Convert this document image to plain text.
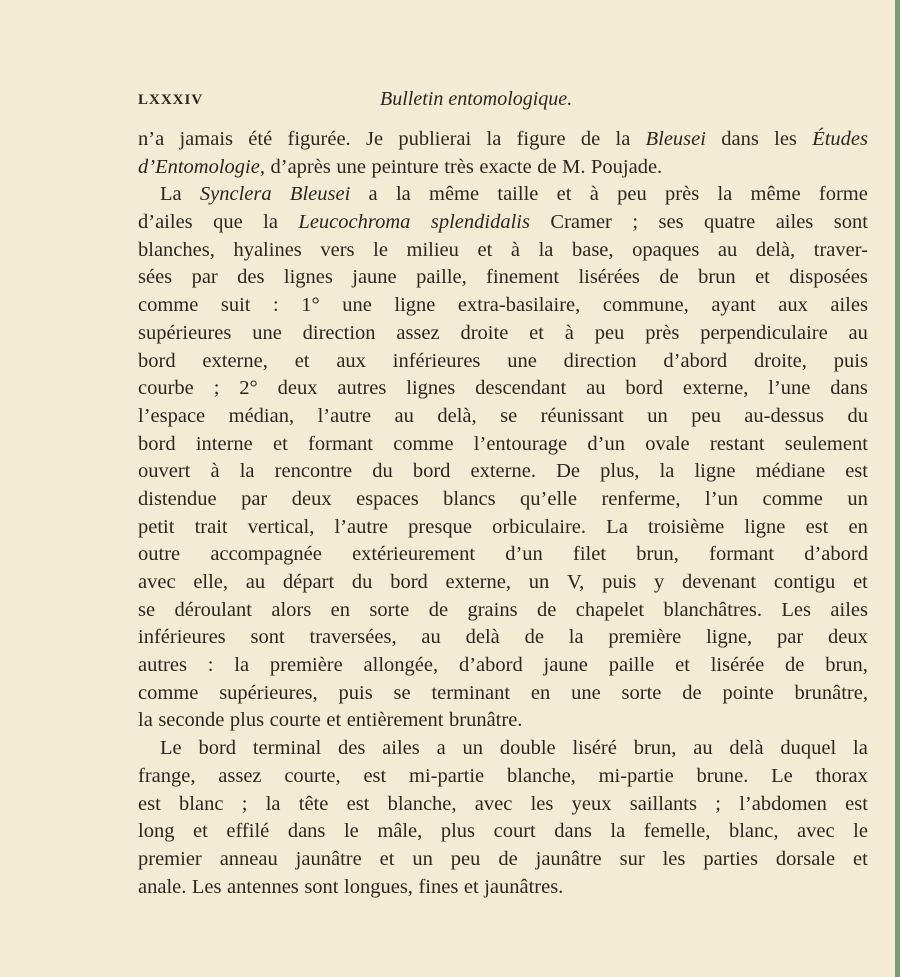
LXXXIV	Bulletin entomologique.
n’a jamais été figurée. Je publierai la figure de la Bleusei dans les Études
d’Entomologie, d’après une peinture très exacte de M. Poujade.
La Synclera Bleusei a la même taille et à peu près la même forme
d’ailes que la Leucochroma splendidalis Cramer ; ses quatre ailes sont
blanches, hyalines vers le milieu et à la base, opaques au delà, traver-
sées par des lignes jaune paille, finement lisérées de brun et disposées
comme suit : 1° une ligne extra-basilaire, commune, ayant aux ailes
supérieures une direction assez droite et à peu près perpendiculaire au
bord externe, et aux inférieures une direction d’abord droite, puis
courbe ; 2° deux autres lignes descendant au bord externe, l’une dans
l’espace médian, l’autre au delà, se réunissant un peu au-dessus du
bord interne et formant comme l’entourage d’un ovale restant seulement
ouvert à la rencontre du bord externe. De plus, la ligne médiane est
distendue par deux espaces blancs qu’elle renferme, l’un comme un
petit trait vertical, l’autre presque orbiculaire. La troisième ligne est en
outre accompagnée extérieurement d’un filet brun, formant d’abord
avec elle, au départ du bord externe, un V, puis y devenant contigu et
se déroulant alors en sorte de grains de chapelet blanchâtres. Les ailes
inférieures sont traversées, au delà de la première ligne, par deux
autres : la première allongée, d’abord jaune paille et lisérée de brun,
comme supérieures, puis se terminant en une sorte de pointe brunâtre,
la seconde plus courte et entièrement brunâtre.
Le bord terminal des ailes a un double liséré brun, au delà duquel la
frange, assez courte, est mi-partie blanche, mi-partie brune. Le thorax
est blanc ; la tête est blanche, avec les yeux saillants ; l’abdomen est
long et effilé dans le mâle, plus court dans la femelle, blanc, avec le
premier anneau jaunâtre et un peu de jaunâtre sur les parties dorsale et
anale. Les antennes sont longues, fines et jaunâtres.
